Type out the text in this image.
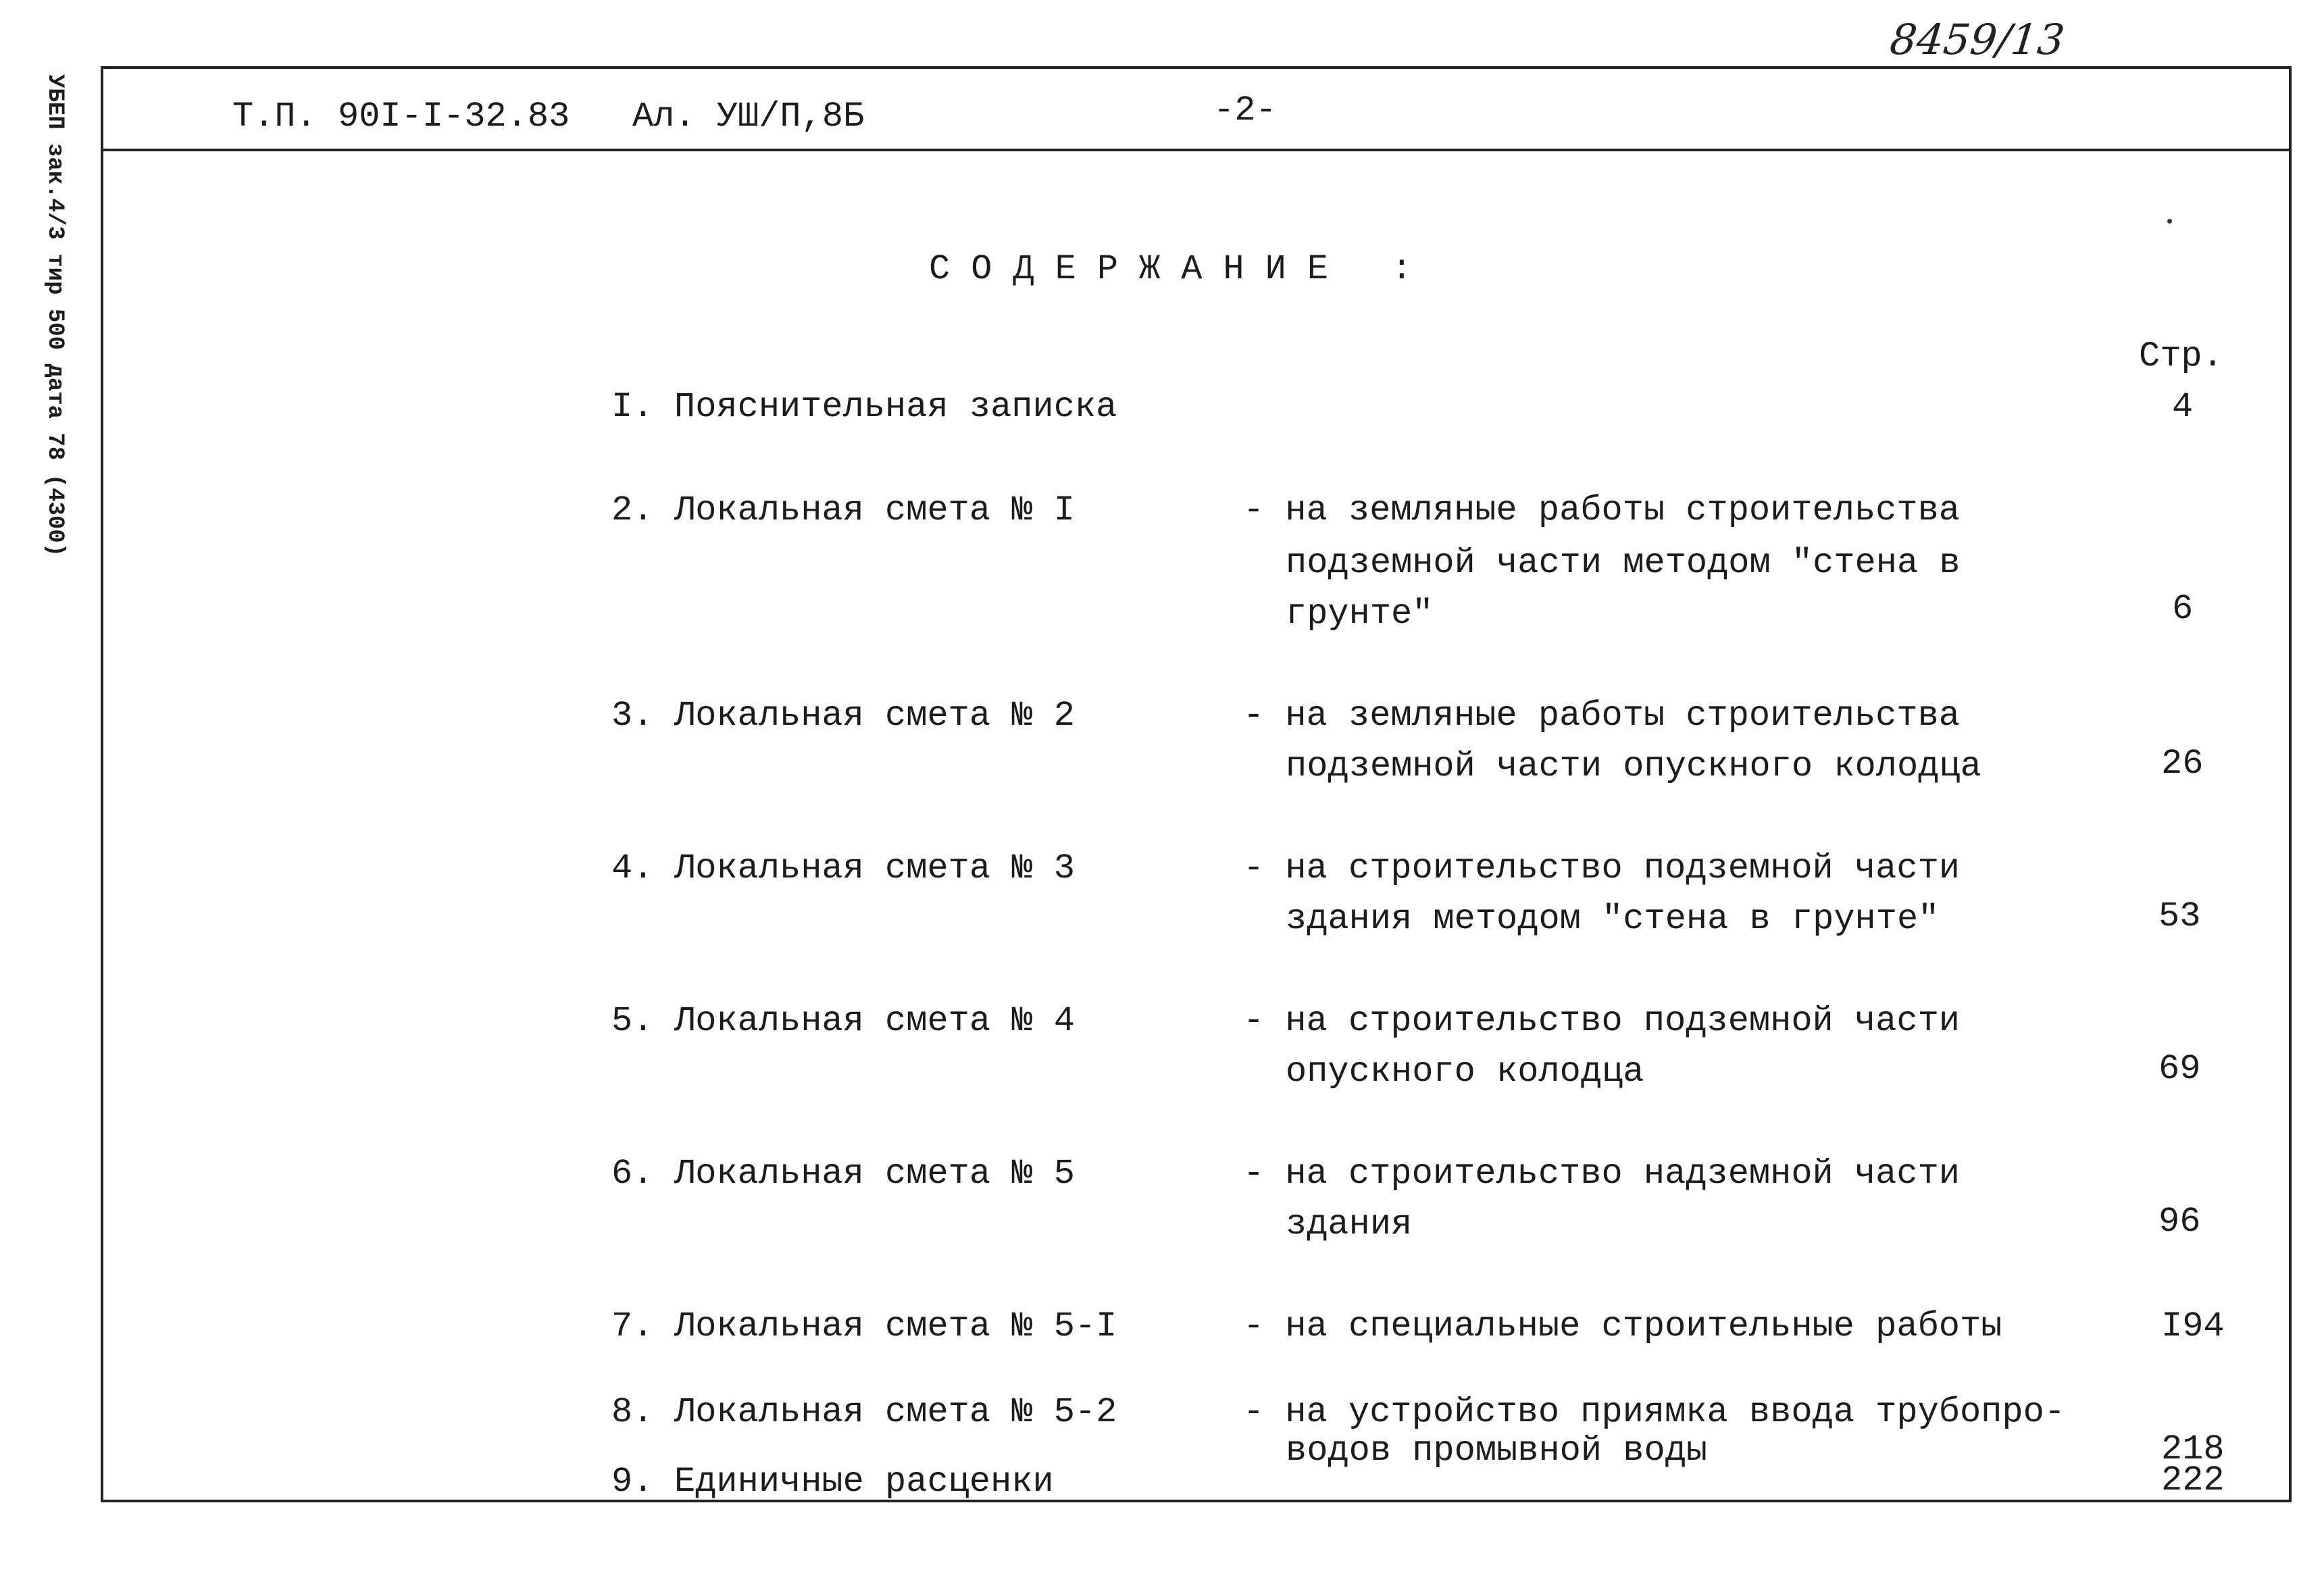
УБЕП зак.4/3 тир 500 дата 78 (4300)
8459/13
Т.П. 90I-I-32.83 Ал. УШ/П,8Б	-2-
СОДЕРЖАНИЕ :
Стр.
I. Пояснительная записка	4
2. Локальная смета № I	- на земляные работы строительства
подземной части методом "стена в
грунте"	6
3. Локальная смета № 2	- на земляные работы строительства
подземной части опускного колодца	26
4. Локальная смета № 3	- на строительство подземной части
здания методом "стена в грунте"	53
5. Локальная смета № 4	- на строительство подземной части
опускного колодца	69
6. Локальная смета № 5	- на строительство надземной части
здания	96
7. Локальная смета № 5-I	- на специальные строительные работы	I94
8. Локальная смета № 5-2	- на устройство приямка ввода трубопро-
водов промывной воды	218
9. Единичные расценки	222
